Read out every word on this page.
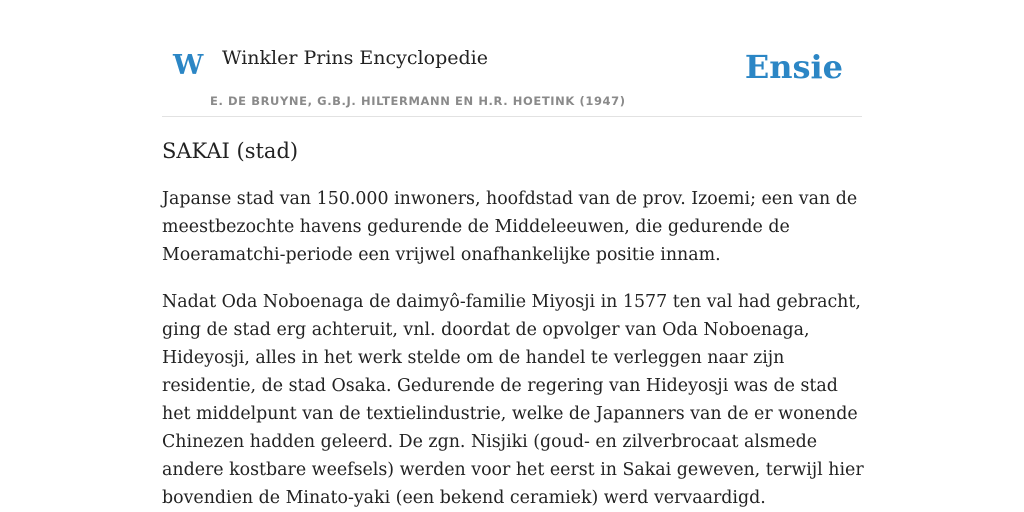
W Winkler Prins Encyclopedie
E. DE BRUYNE, G.B.J. HILTERMANN EN H.R. HOETINK (1947)
Ensie
SAKAI (stad)

Japanse stad van 150.000 inwoners, hoofdstad van de prov. Izoemi; een van de meestbezochte havens gedurende de Middeleeuwen, die gedurende de Moeramatchi-periode een vrijwel onafhankelijke positie innam.

Nadat Oda Noboenaga de daimyô-familie Miyosji in 1577 ten val had gebracht, ging de stad erg achteruit, vnl. doordat de opvolger van Oda Noboenaga, Hideyosji, alles in het werk stelde om de handel te verleggen naar zijn residentie, de stad Osaka. Gedurende de regering van Hideyosji was de stad het middelpunt van de textielindustrie, welke de Japanners van de er wonende Chinezen hadden geleerd. De zgn. Nisjiki (goud- en zilverbrocaat alsmede andere kostbare weefsels) werden voor het eerst in Sakai geweven, terwijl hier bovendien de Minato-yaki (een bekend ceramiek) werd vervaardigd.
